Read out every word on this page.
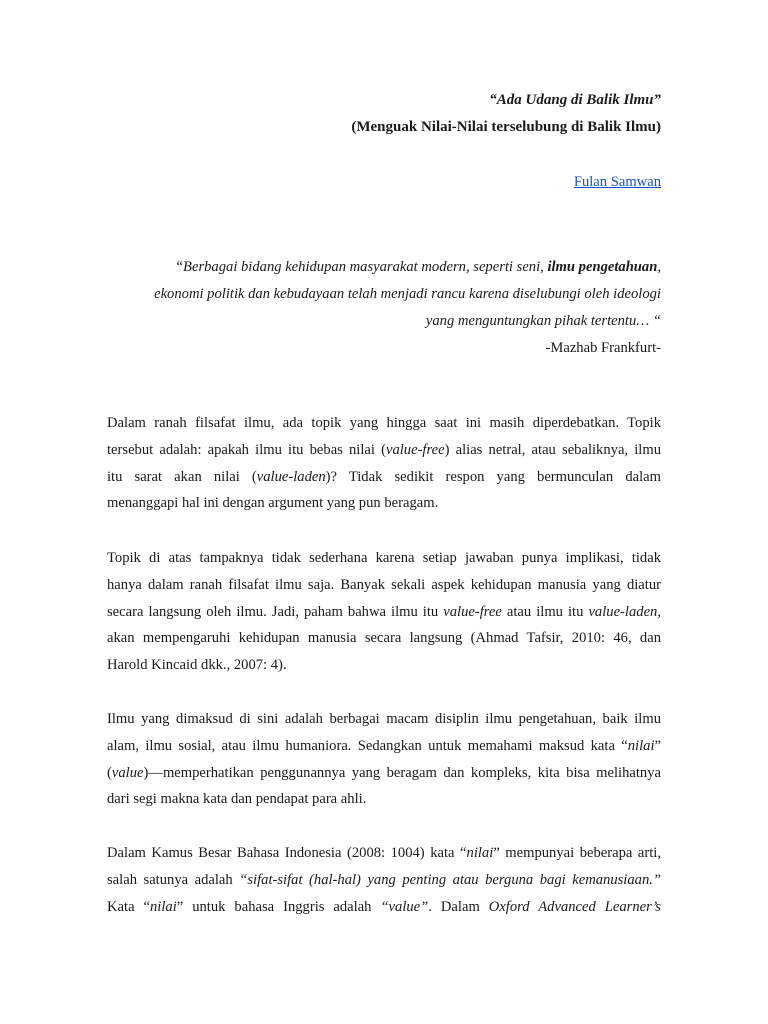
“Ada Udang di Balik Ilmu”
(Menguak Nilai-Nilai terselubung di Balik Ilmu)
Fulan Samwan
“Berbagai bidang kehidupan masyarakat modern, seperti seni, ilmu pengetahuan,
ekonomi politik dan kebudayaan telah menjadi rancu karena diselubungi oleh ideologi
yang menguntungkan pihak tertentu… “
-Mazhab Frankfurt-

Dalam ranah filsafat ilmu, ada topik yang hingga saat ini masih diperdebatkan. Topik
tersebut adalah: apakah ilmu itu bebas nilai (value-free) alias netral, atau sebaliknya, ilmu
itu sarat akan nilai (value-laden)? Tidak sedikit respon yang bermunculan dalam
menanggapi hal ini dengan argument yang pun beragam.

Topik di atas tampaknya tidak sederhana karena setiap jawaban punya implikasi, tidak
hanya dalam ranah filsafat ilmu saja. Banyak sekali aspek kehidupan manusia yang diatur
secara langsung oleh ilmu. Jadi, paham bahwa ilmu itu value-free atau ilmu itu value-laden,
akan mempengaruhi kehidupan manusia secara langsung (Ahmad Tafsir, 2010: 46, dan
Harold Kincaid dkk., 2007: 4).

Ilmu yang dimaksud di sini adalah berbagai macam disiplin ilmu pengetahuan, baik ilmu
alam, ilmu sosial, atau ilmu humaniora. Sedangkan untuk memahami maksud kata “nilai”
(value)—memperhatikan penggunannya yang beragam dan kompleks, kita bisa melihatnya
dari segi makna kata dan pendapat para ahli.

Dalam Kamus Besar Bahasa Indonesia (2008: 1004) kata “nilai” mempunyai beberapa arti,
salah satunya adalah “sifat-sifat (hal-hal) yang penting atau berguna bagi kemanusiaan.”
Kata “nilai” untuk bahasa Inggris adalah “value”. Dalam Oxford Advanced Learner’s
